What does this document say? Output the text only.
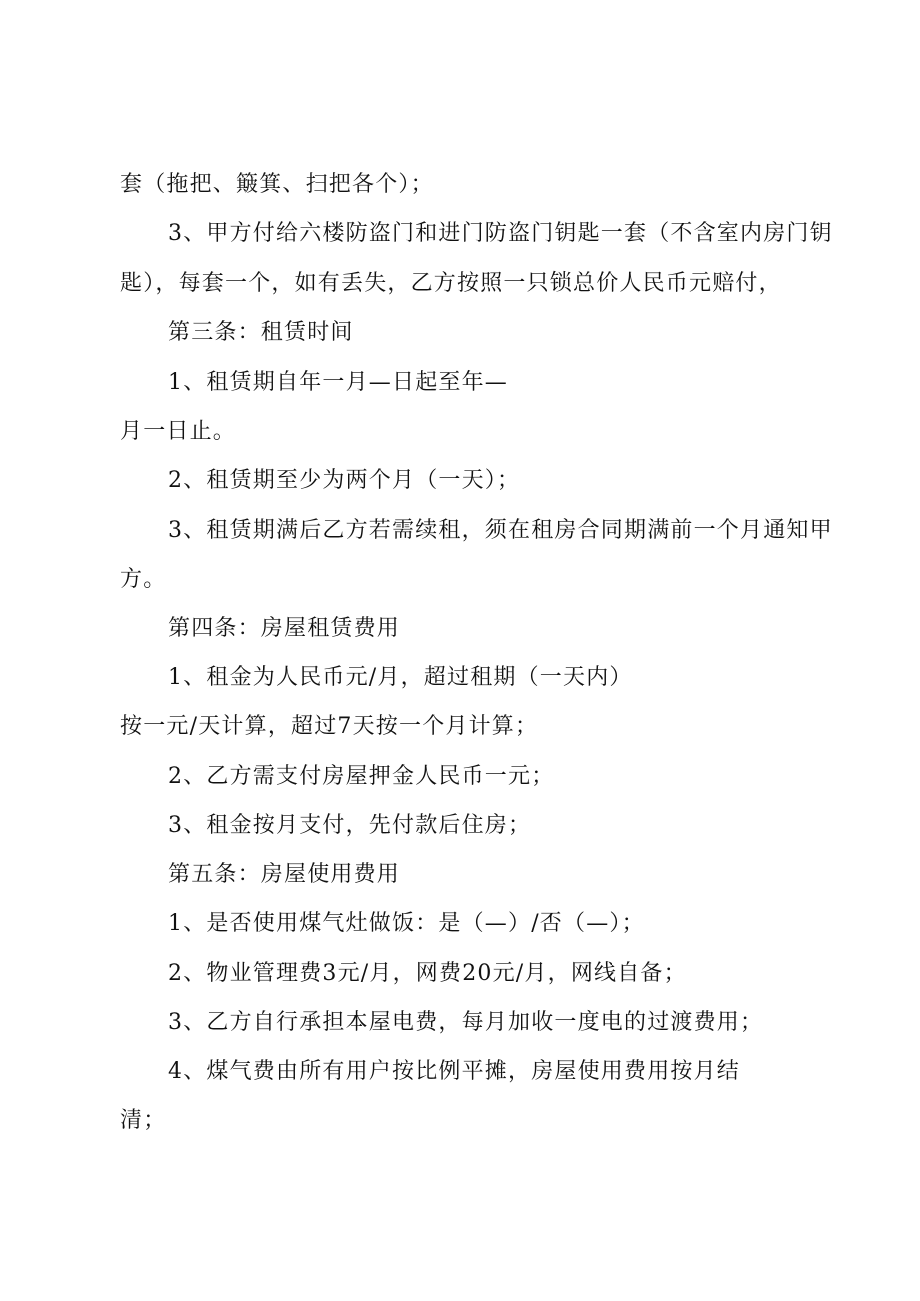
套（拖把、簸箕、扫把各个）；

3、甲方付给六楼防盗门和进门防盗门钥匙一套（不含室内房门钥

匙），每套一个，如有丢失，乙方按照一只锁总价人民币元赔付，

第三条：租赁时间

1、租赁期自年一月—日起至年—

月一日止。

2、租赁期至少为两个月（一天）；

3、租赁期满后乙方若需续租，须在租房合同期满前一个月通知甲

方。

第四条：房屋租赁费用

1、租金为人民币元/月，超过租期（一天内）

按一元/天计算，超过7天按一个月计算；

2、乙方需支付房屋押金人民币一元；

3、租金按月支付，先付款后住房；

第五条：房屋使用费用

1、是否使用煤气灶做饭：是（—）/否（—）；

2、物业管理费3元/月，网费20元/月，网线自备；

3、乙方自行承担本屋电费，每月加收一度电的过渡费用；

4、煤气费由所有用户按比例平摊，房屋使用费用按月结

清；
